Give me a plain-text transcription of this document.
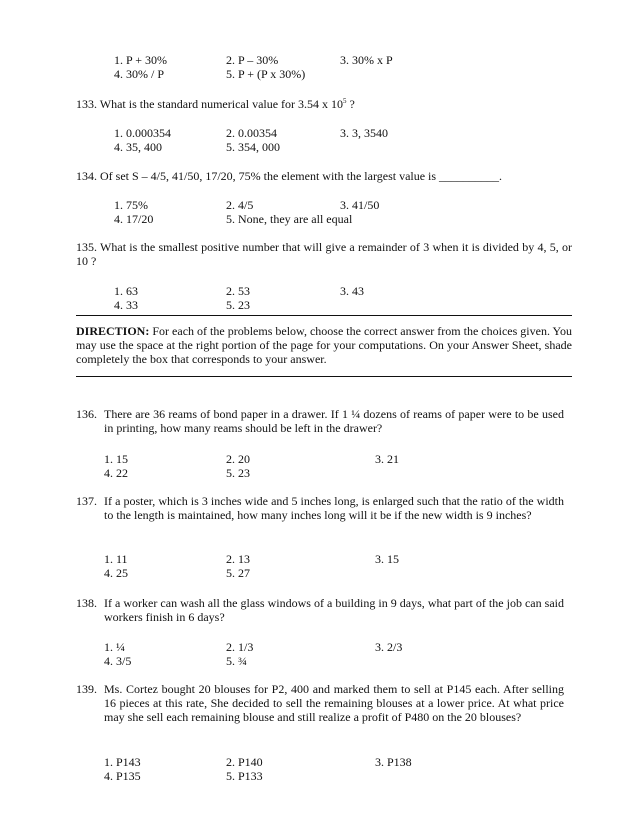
1. P + 30%	2. P – 30%	3. 30% x P
4. 30% / P	5. P + (P x 30%)
133. What is the standard numerical value for 3.54 x $10^5$ ?
1. 0.000354	2. 0.00354	3. 3, 3540
4. 35, 400	5. 354, 000
134. Of set S – 4/5, 41/50, 17/20, 75% the element with the largest value is __________.
1. 75%	2. 4/5	3. 41/50
4. 17/20	5. None, they are all equal
135. What is the smallest positive number that will give a remainder of 3 when it is divided by 4, 5, or 10 ?
1. 63	2. 53	3. 43
4. 33	5. 23
DIRECTION: For each of the problems below, choose the correct answer from the choices given. You may use the space at the right portion of the page for your computations. On your Answer Sheet, shade completely the box that corresponds to your answer.
136. There are 36 reams of bond paper in a drawer. If 1 ¼ dozens of reams of paper were to be used in printing, how many reams should be left in the drawer?
1. 15	2. 20	3. 21
4. 22	5. 23
137. If a poster, which is 3 inches wide and 5 inches long, is enlarged such that the ratio of the width to the length is maintained, how many inches long will it be if the new width is 9 inches?
1. 11	2. 13	3. 15
4. 25	5. 27
138. If a worker can wash all the glass windows of a building in 9 days, what part of the job can said workers finish in 6 days?
1. ¼	2. 1/3	3. 2/3
4. 3/5	5. ¾
139. Ms. Cortez bought 20 blouses for P2, 400 and marked them to sell at P145 each. After selling 16 pieces at this rate, She decided to sell the remaining blouses at a lower price. At what price may she sell each remaining blouse and still realize a profit of P480 on the 20 blouses?
1. P143	2. P140	3. P138
4. P135	5. P133
